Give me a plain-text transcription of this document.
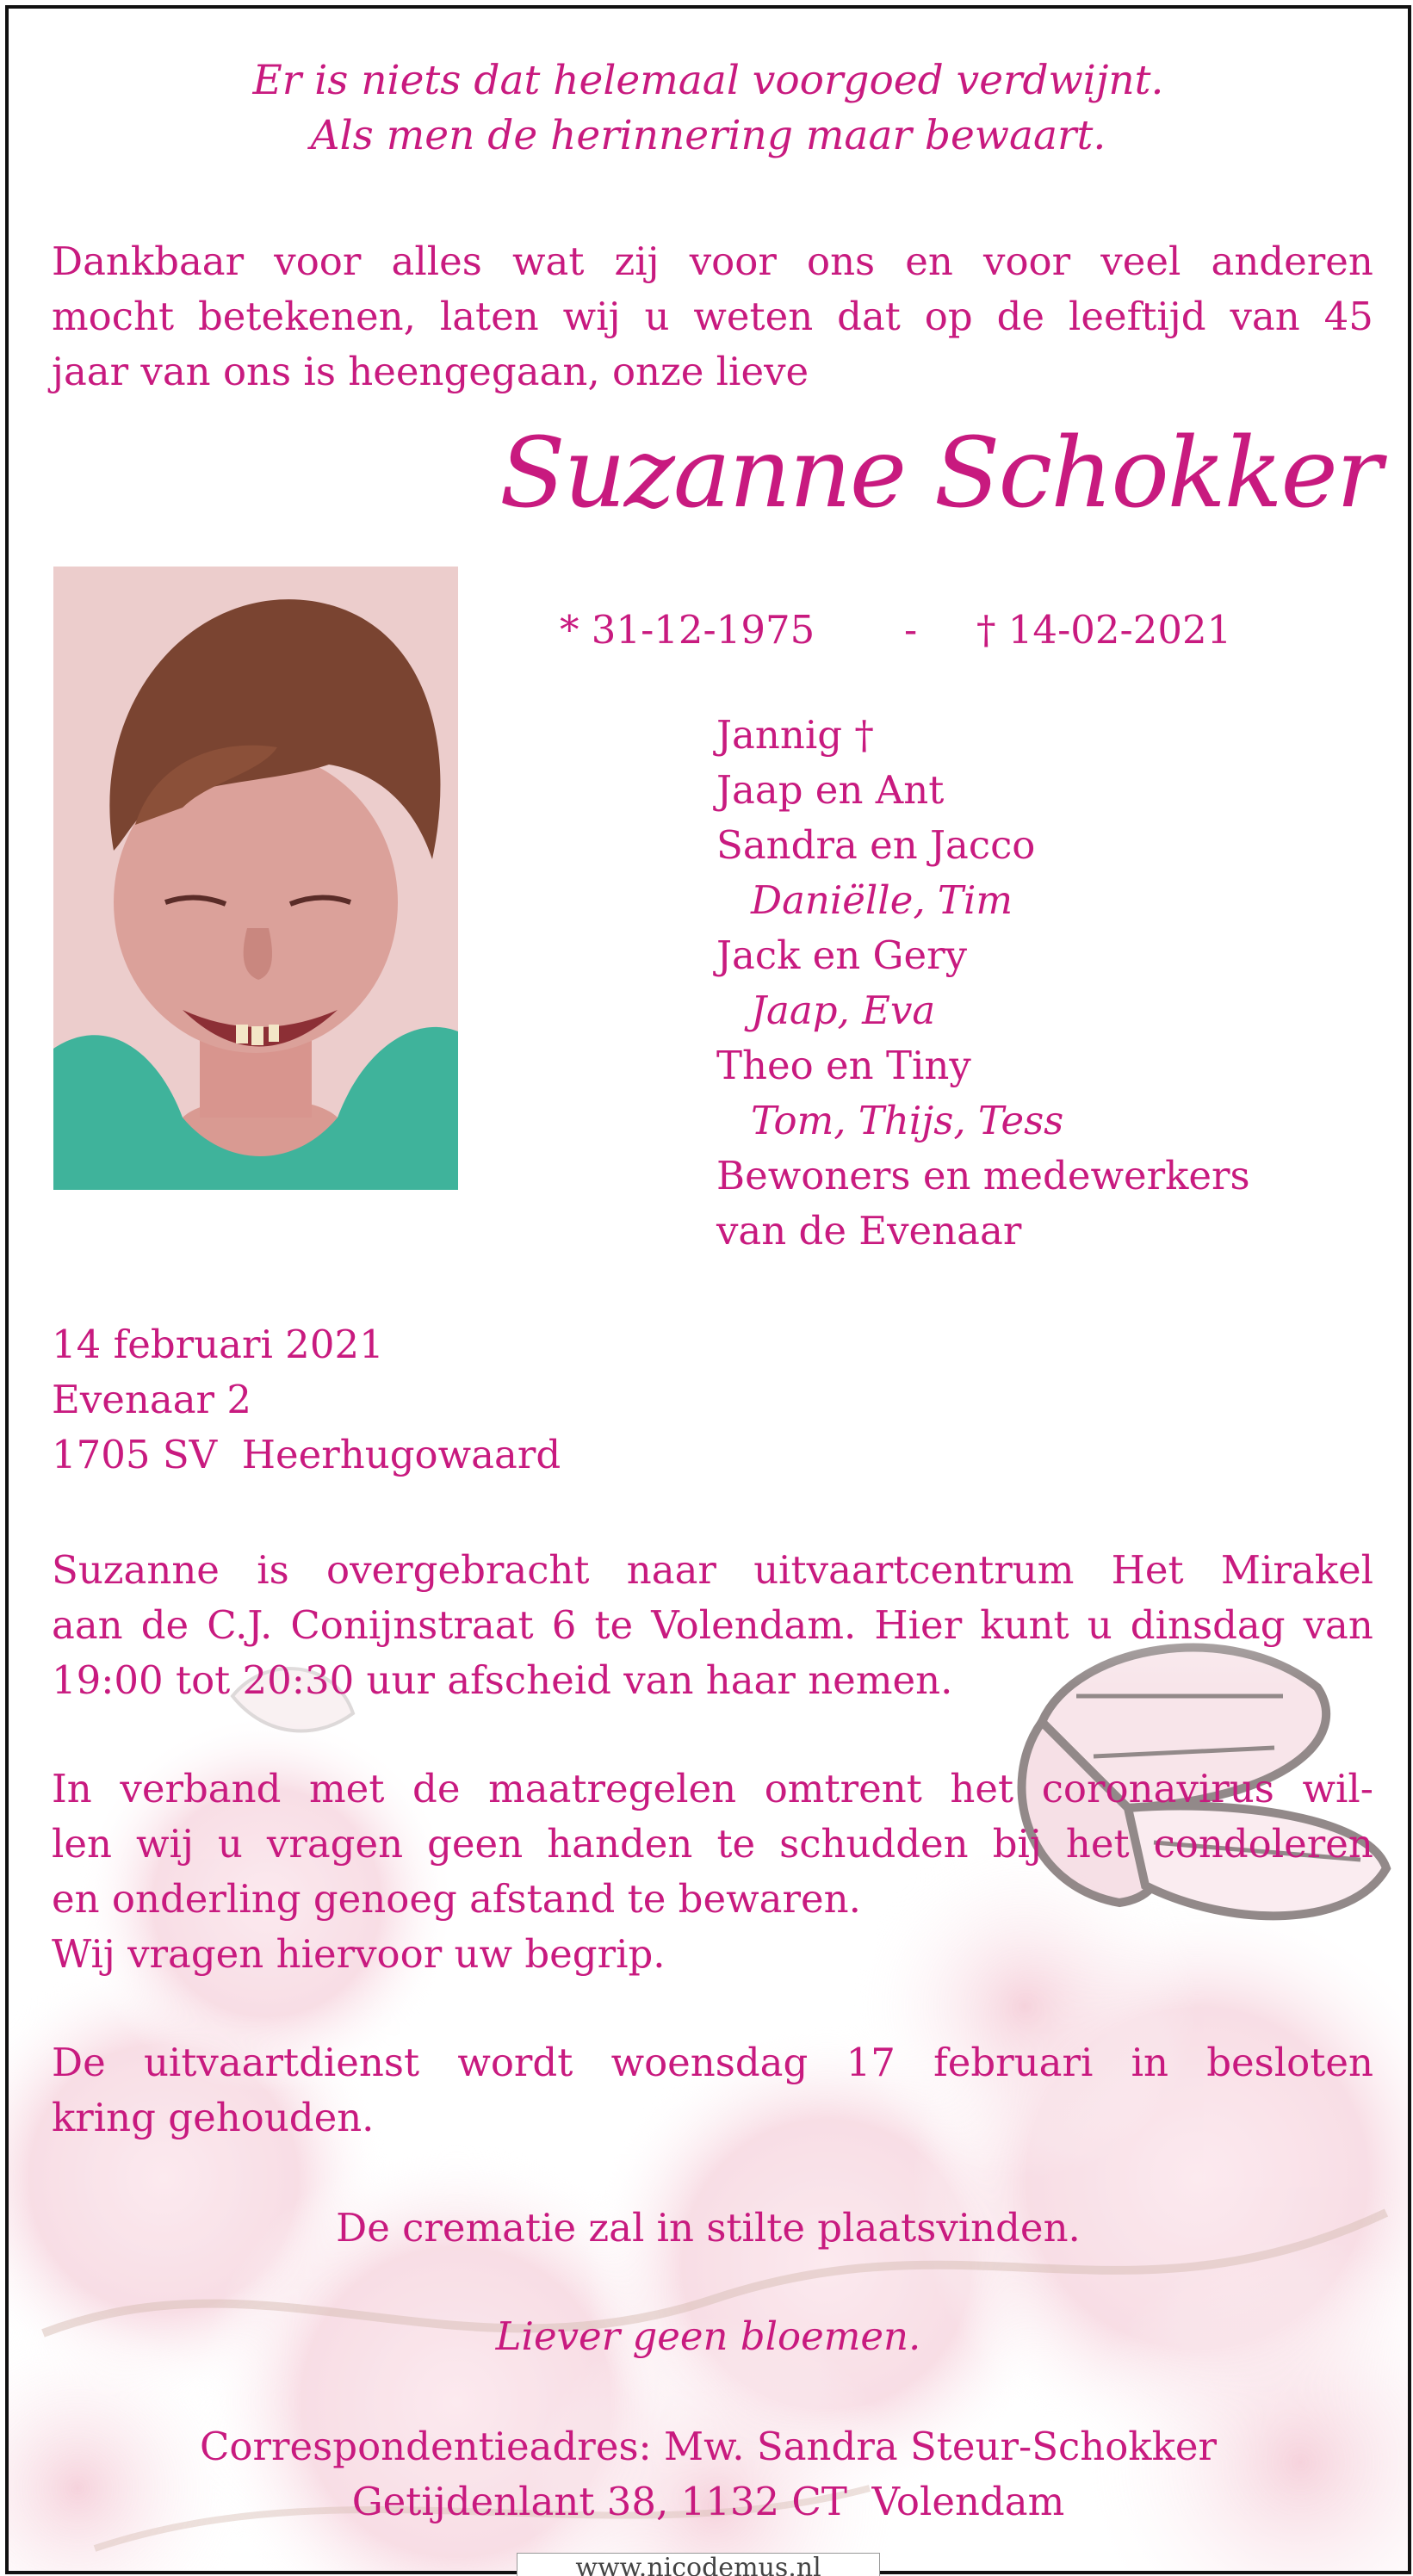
Er is niets dat helemaal voorgoed verdwijnt.
Als men de herinnering maar bewaart.
Dankbaar voor alles wat zij voor ons en voor veel anderen
mocht betekenen, laten wij u weten dat op de leeftijd van 45
jaar van ons is heengegaan, onze lieve
Suzanne Schokker
* 31-12-1975 - † 14-02-2021
Jannig †
Jaap en Ant
Sandra en Jacco
Daniëlle, Tim
Jack en Gery
Jaap, Eva
Theo en Tiny
Tom, Thijs, Tess
Bewoners en medewerkers
van de Evenaar
14 februari 2021
Evenaar 2
1705 SV  Heerhugowaard
Suzanne is overgebracht naar uitvaartcentrum Het Mirakel
aan de C.J. Conijnstraat 6 te Volendam. Hier kunt u dinsdag van
19:00 tot 20:30 uur afscheid van haar nemen.
In verband met de maatregelen omtrent het coronavirus wil-
len wij u vragen geen handen te schudden bij het condoleren
en onderling genoeg afstand te bewaren.
Wij vragen hiervoor uw begrip.
De uitvaartdienst wordt woensdag 17 februari in besloten
kring gehouden.
De crematie zal in stilte plaatsvinden.
Liever geen bloemen.
Correspondentieadres: Mw. Sandra Steur-Schokker
Getijdenlant 38, 1132 CT  Volendam
www.nicodemus.nl
